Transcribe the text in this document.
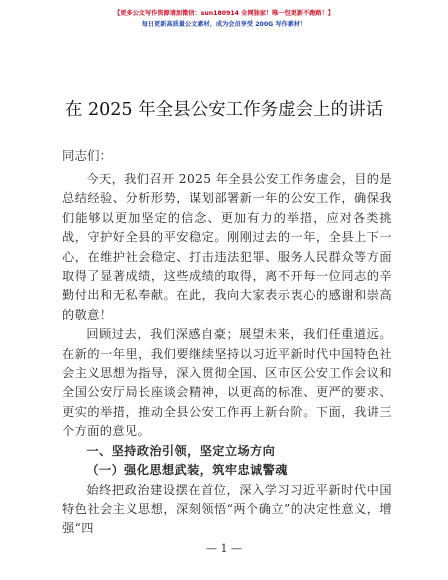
【更多公文写作资源请加微信：sun180914 全网独家！唯一包更新不跑路！】
每日更新高质量公文素材，成为会员享受 200G 写作素材！
在 2025 年全县公安工作务虚会上的讲话
同志们：

今天，我们召开 2025 年全县公安工作务虚会，目的是总结经验、分析形势，谋划部署新一年的公安工作，确保我们能够以更加坚定的信念、更加有力的举措，应对各类挑战，守护好全县的平安稳定。刚刚过去的一年，全县上下一心，在维护社会稳定、打击违法犯罪、服务人民群众等方面取得了显著成绩，这些成绩的取得，离不开每一位同志的辛勤付出和无私奉献。在此，我向大家表示衷心的感谢和崇高的敬意！

回顾过去，我们深感自豪；展望未来，我们任重道远。在新的一年里，我们要继续坚持以习近平新时代中国特色社会主义思想为指导，深入贯彻全国、区市区公安工作会议和全国公安厅局长座谈会精神，以更高的标准、更严的要求、更实的举措，推动全县公安工作再上新台阶。下面，我讲三个方面的意见。

一、坚持政治引领，坚定立场方向

（一）强化思想武装，筑牢忠诚警魂

始终把政治建设摆在首位，深入学习习近平新时代中国特色社会主义思想，深刻领悟“两个确立”的决定性意义，增强“四

— 1 —
